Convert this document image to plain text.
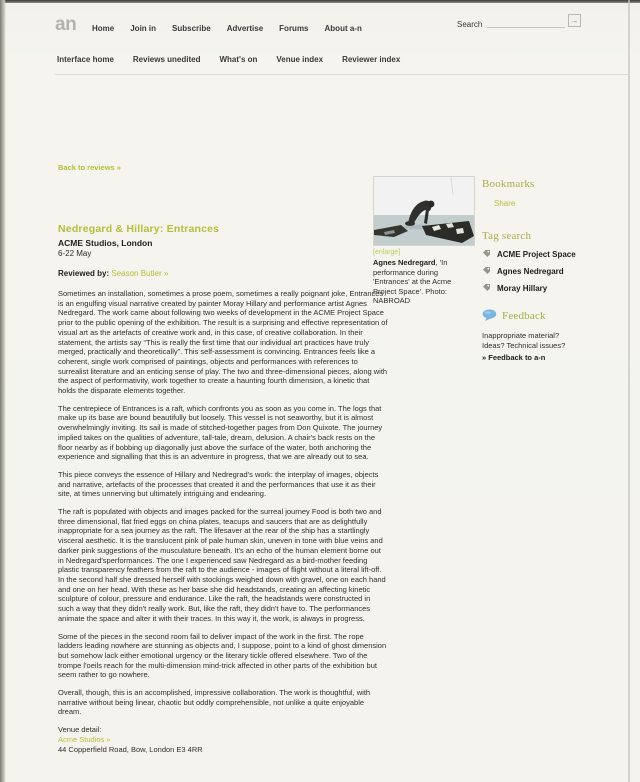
an Home Join in Subscribe Advertise Forums About a-n	Search	→
Interface home Reviews unedited What's on Venue index Reviewer index
Back to reviews »
Nedregard & Hillary: Entrances
ACME Studios, London
6-22 May
Reviewed by: Season Butler »

Sometimes an installation, sometimes a prose poem, sometimes a really poignant joke, Entrances is an engulfing visual narrative created by painter Moray Hillary and performance artist Agnes Nedregard. The work came about following two weeks of development in the ACME Project Space prior to the public opening of the exhibition. The result is a surprising and effective representation of visual art as the artefacts of creative work and, in this case, of creative collaboration. In their statement, the artists say “This is really the first time that our individual art practices have truly merged, practically and theoretically”. This self-assessment is convincing. Entrances feels like a coherent, single work comprised of paintings, objects and performances with references to surrealist literature and an enticing sense of play. The two and three-dimensional pieces, along with the aspect of performativity, work together to create a haunting fourth dimension, a kinetic that holds the disparate elements together.

The centrepiece of Entrances is a raft, which confronts you as soon as you come in. The logs that make up its base are bound beautifully but loosely. This vessel is not seaworthy, but it is almost overwhelmingly inviting. Its sail is made of stitched-together pages from Don Quixote. The journey implied takes on the qualities of adventure, tall-tale, dream, delusion. A chair's back rests on the floor nearby as if bobbing up diagonally just above the surface of the water, both anchoring the experience and signalling that this is an adventure in progress, that we are already out to sea.

This piece conveys the essence of Hillary and Nedregrad's work: the interplay of images, objects and narrative, artefacts of the processes that created it and the performances that use it as their site, at times unnerving but ultimately intriguing and endearing.

The raft is populated with objects and images packed for the surreal journey Food is both two and three dimensional, flat fried eggs on china plates, teacups and saucers that are as delightfully inappropriate for a sea journey as the raft. The lifesaver at the rear of the ship has a startlingly visceral aesthetic. It is the translucent pink of pale human skin, uneven in tone with blue veins and darker pink suggestions of the musculature beneath. It's an echo of the human element borne out in Nedregard'sperformances. The one I experienced saw Nedregard as a bird-mother feeding plastic transparency feathers from the raft to the audience - images of flight without a literal lift-off. In the second half she dressed herself with stockings weighed down with gravel, one on each hand and one on her head. With these as her base she did headstands, creating an affecting kinetic sculpture of colour, pressure and endurance. Like the raft, the headstands were constructed in such a way that they didn't really work. But, like the raft, they didn't have to. The performances animate the space and alter it with their traces. In this way it, the work, is always in progress.

Some of the pieces in the second room fail to deliver impact of the work in the first. The rope ladders leading nowhere are stunning as objects and, I suppose, point to a kind of ghost dimension but somehow lack either emotional urgency or the literary tickle offered elsewhere. Two of the trompe l'oeils reach for the multi-dimension mind-trick affected in other parts of the exhibition but seem rather to go nowhere.

Overall, though, this is an accomplished, impressive collaboration. The work is thoughtful, with narrative without being linear, chaotic but oddly comprehensible, not unlike a quite enjoyable dream.

Venue detail:
Acme Studios »
44 Copperfield Road, Bow, London E3 4RR
[enlarge]
Agnes Nedregard, 'In performance during 'Entrances' at the Acme Project Space'. Photo: NABROAD
Bookmarks
Share
Tag search
ACME Project Space
Agnes Nedregard
Moray Hillary
Feedback
Inappropriate material?
Ideas? Technical issues?
» Feedback to a-n
